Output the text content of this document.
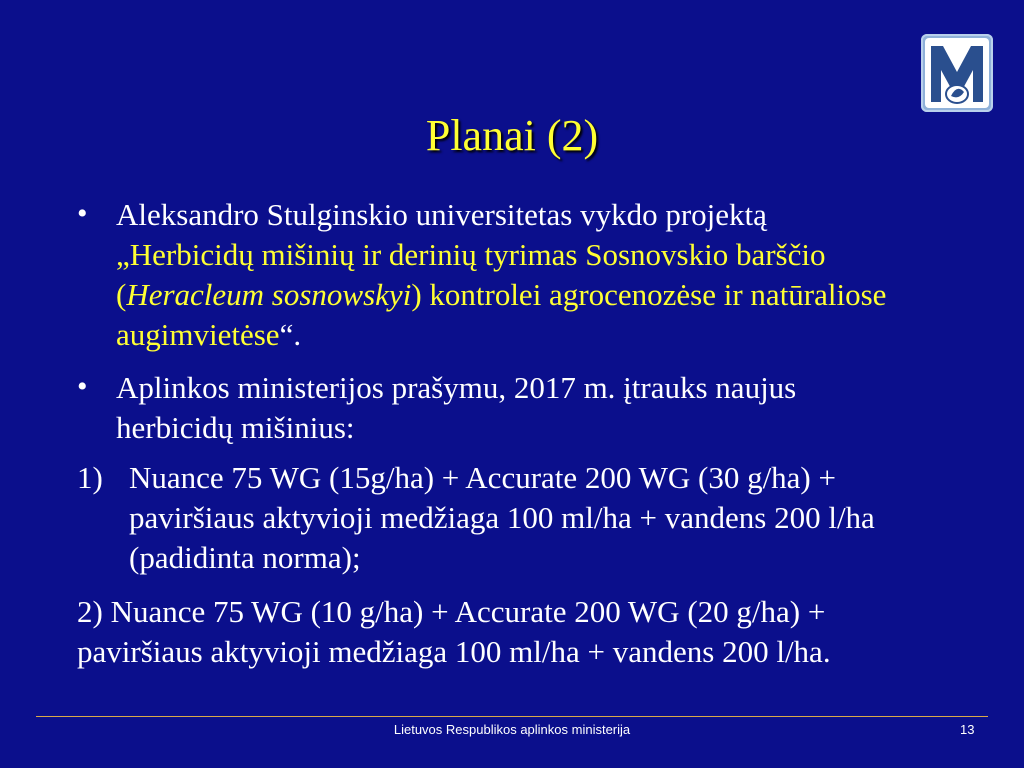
Planai (2)
• Aleksandro Stulginskio universitetas vykdo projektą
„Herbicidų mišinių ir derinių tyrimas Sosnovskio barščio
(Heracleum sosnowskyi) kontrolei agrocenozėse ir natūraliose
augimvietėse“.
• Aplinkos ministerijos prašymu, 2017 m. įtrauks naujus
herbicidų mišinius:
1) Nuance 75 WG (15g/ha) + Accurate 200 WG (30 g/ha) +
paviršiaus aktyvioji medžiaga 100 ml/ha + vandens 200 l/ha
(padidinta norma);
2) Nuance 75 WG (10 g/ha) + Accurate 200 WG (20 g/ha) +
paviršiaus aktyvioji medžiaga 100 ml/ha + vandens 200 l/ha.
Lietuvos Respublikos aplinkos ministerija	13
